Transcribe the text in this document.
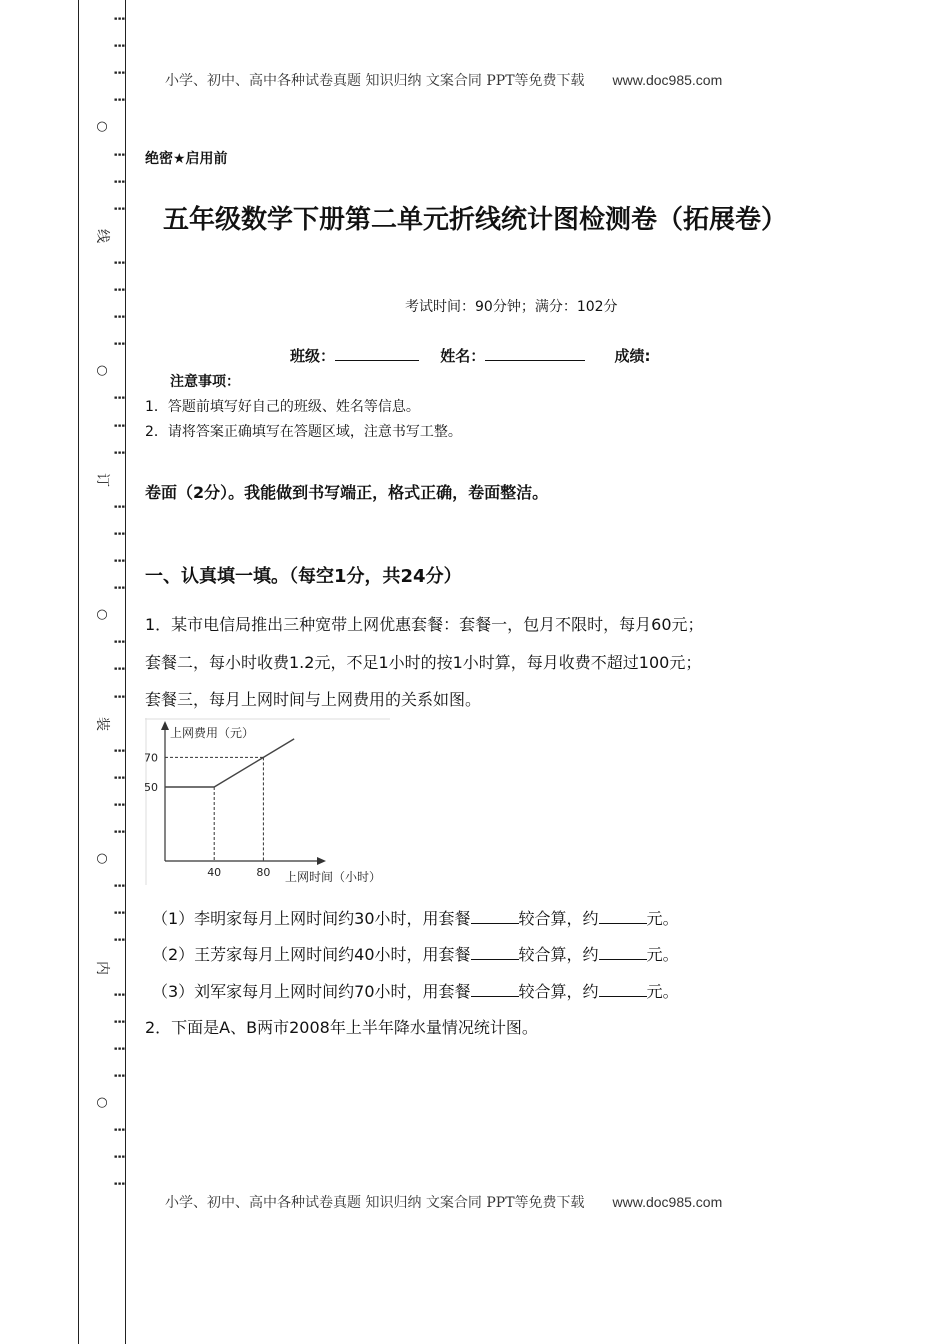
⋮
⋮
⋮
⋮
○
⋮
⋮
⋮
线
⋮
⋮
⋮
⋮
○
⋮
⋮
⋮
订
⋮
⋮
⋮
⋮
○
⋮
⋮
⋮
装
⋮
⋮
⋮
⋮
○
⋮
⋮
⋮
内
⋮
⋮
⋮
⋮
○
⋮
⋮
⋮
小学、初中、高中各种试卷真题 知识归纳 文案合同 PPT等免费下载 www.doc985.com
绝密★启用前
五年级数学下册第二单元折线统计图检测卷（拓展卷）
考试时间：90分钟；满分：102分
班级：	姓名：	成绩:
注意事项：
1．答题前填写好自己的班级、姓名等信息。
2．请将答案正确填写在答题区域，注意书写工整。
卷面（2分）。我能做到书写端正，格式正确，卷面整洁。
一、认真填一填。（每空1分，共24分）
1．某市电信局推出三种宽带上网优惠套餐：套餐一，包月不限时，每月60元；
套餐二，每小时收费1.2元，不足1小时的按1小时算，每月收费不超过100元；
套餐三，每月上网时间与上网费用的关系如图。
上网费用（元）
上网时间（小时）
40	80
50
70
（1）李明家每月上网时间约30小时，用套餐	较合算，约	元。
（2）王芳家每月上网时间约40小时，用套餐	较合算，约	元。
（3）刘军家每月上网时间约70小时，用套餐	较合算，约	元。
2．下面是A、B两市2008年上半年降水量情况统计图。
小学、初中、高中各种试卷真题 知识归纳 文案合同 PPT等免费下载 www.doc985.com
